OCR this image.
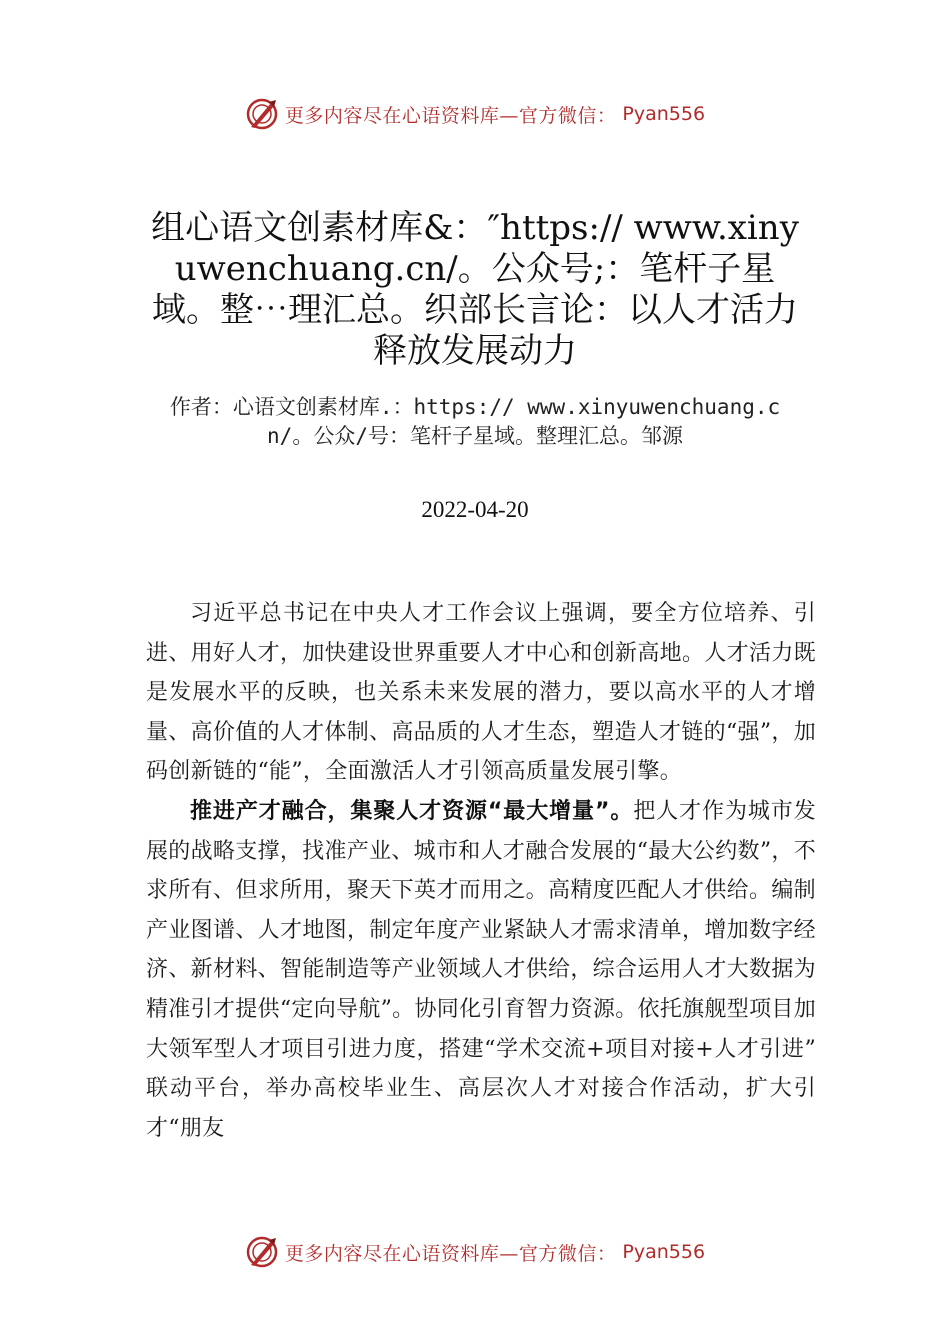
更多内容尽在心语资料库—官方微信： Pyan556
组心语文创素材库&：″https:// www.xinyuwenchuang.cn/。公众号;：笔杆子星域。整⋯理汇总。织部长言论：以人才活力释放发展动力
作者：心语文创素材库.：https:// www.xinyuwenchuang.cn/。公众/号：笔杆子星域。整理汇总。邹源
2022-04-20

习近平总书记在中央人才工作会议上强调，要全方位培养、引进、用好人才，加快建设世界重要人才中心和创新高地。人才活力既是发展水平的反映，也关系未来发展的潜力，要以高水平的人才增量、高价值的人才体制、高品质的人才生态，塑造人才链的“强”，加码创新链的“能”，全面激活人才引领高质量发展引擎。

推进产才融合，集聚人才资源“最大增量”。把人才作为城市发展的战略支撑，找准产业、城市和人才融合发展的“最大公约数”，不求所有、但求所用，聚天下英才而用之。高精度匹配人才供给。编制产业图谱、人才地图，制定年度产业紧缺人才需求清单，增加数字经济、新材料、智能制造等产业领域人才供给，综合运用人才大数据为精准引才提供“定向导航”。协同化引育智力资源。依托旗舰型项目加大领军型人才项目引进力度，搭建“学术交流+项目对接+人才引进” 联动平台，举办高校毕业生、高层次人才对接合作活动，扩大引才“朋友

更多内容尽在心语资料库—官方微信： Pyan556
